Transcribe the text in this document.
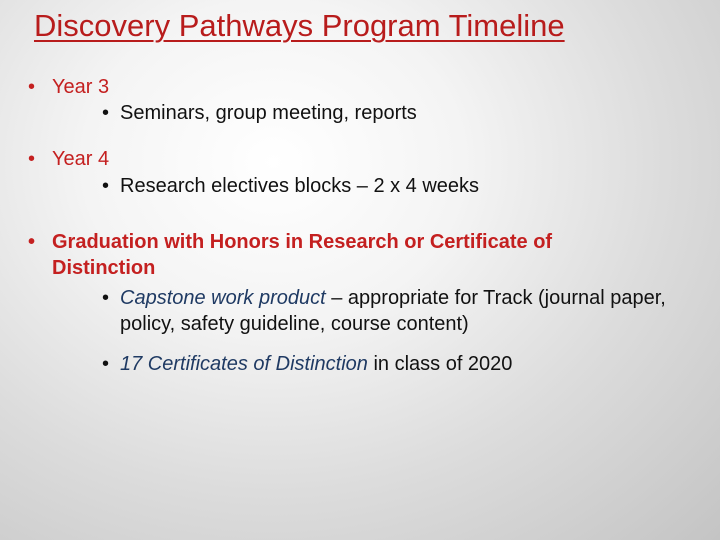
Discovery Pathways Program Timeline
• Year 3
• Seminars, group meeting, reports
• Year 4
• Research electives blocks – 2 x 4 weeks
• Graduation with Honors in Research or Certificate of Distinction
• Capstone work product – appropriate for Track (journal paper, policy, safety guideline, course content)
• 17 Certificates of Distinction in class of 2020
